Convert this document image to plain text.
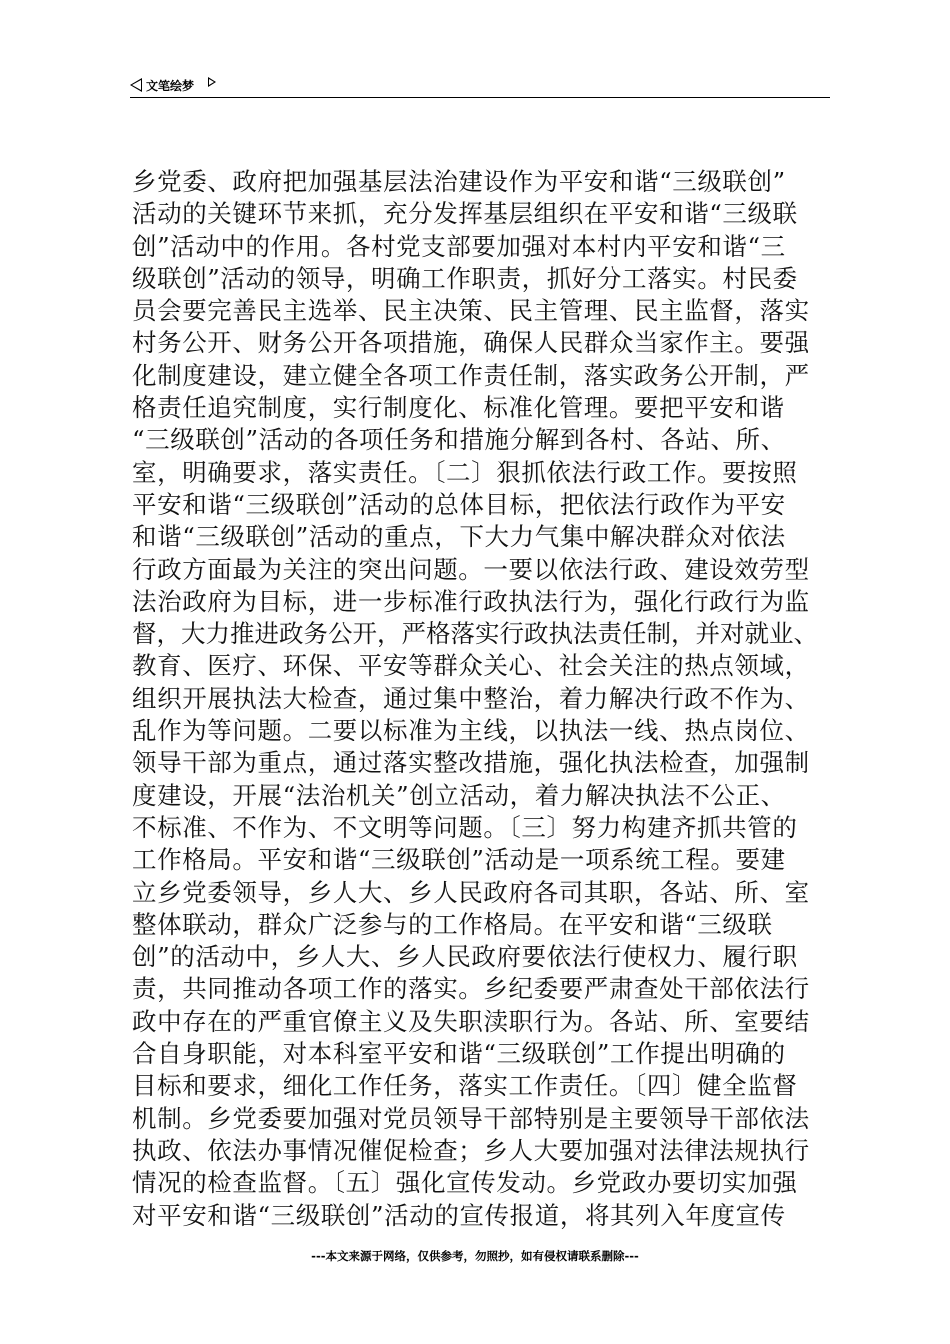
文笔绘梦
乡党委、政府把加强基层法治建设作为平安和谐“三级联创”
活动的关键环节来抓，充分发挥基层组织在平安和谐“三级联
创”活动中的作用。各村党支部要加强对本村内平安和谐“三
级联创”活动的领导，明确工作职责，抓好分工落实。村民委
员会要完善民主选举、民主决策、民主管理、民主监督，落实
村务公开、财务公开各项措施，确保人民群众当家作主。要强
化制度建设，建立健全各项工作责任制，落实政务公开制，严
格责任追究制度，实行制度化、标准化管理。要把平安和谐
“三级联创”活动的各项任务和措施分解到各村、各站、所、
室，明确要求，落实责任。〔二〕狠抓依法行政工作。要按照
平安和谐“三级联创”活动的总体目标，把依法行政作为平安
和谐“三级联创”活动的重点，下大力气集中解决群众对依法
行政方面最为关注的突出问题。一要以依法行政、建设效劳型
法治政府为目标，进一步标准行政执法行为，强化行政行为监
督，大力推进政务公开，严格落实行政执法责任制，并对就业、
教育、医疗、环保、平安等群众关心、社会关注的热点领域，
组织开展执法大检查，通过集中整治，着力解决行政不作为、
乱作为等问题。二要以标准为主线，以执法一线、热点岗位、
领导干部为重点，通过落实整改措施，强化执法检查，加强制
度建设，开展“法治机关”创立活动，着力解决执法不公正、
不标准、不作为、不文明等问题。〔三〕努力构建齐抓共管的
工作格局。平安和谐“三级联创”活动是一项系统工程。要建
立乡党委领导，乡人大、乡人民政府各司其职，各站、所、室
整体联动，群众广泛参与的工作格局。在平安和谐“三级联
创”的活动中，乡人大、乡人民政府要依法行使权力、履行职
责，共同推动各项工作的落实。乡纪委要严肃查处干部依法行
政中存在的严重官僚主义及失职渎职行为。各站、所、室要结
合自身职能，对本科室平安和谐“三级联创”工作提出明确的
目标和要求，细化工作任务，落实工作责任。〔四〕健全监督
机制。乡党委要加强对党员领导干部特别是主要领导干部依法
执政、依法办事情况催促检查；乡人大要加强对法律法规执行
情况的检查监督。〔五〕强化宣传发动。乡党政办要切实加强
对平安和谐“三级联创”活动的宣传报道，将其列入年度宣传
---本文来源于网络，仅供参考，勿照抄，如有侵权请联系删除---
